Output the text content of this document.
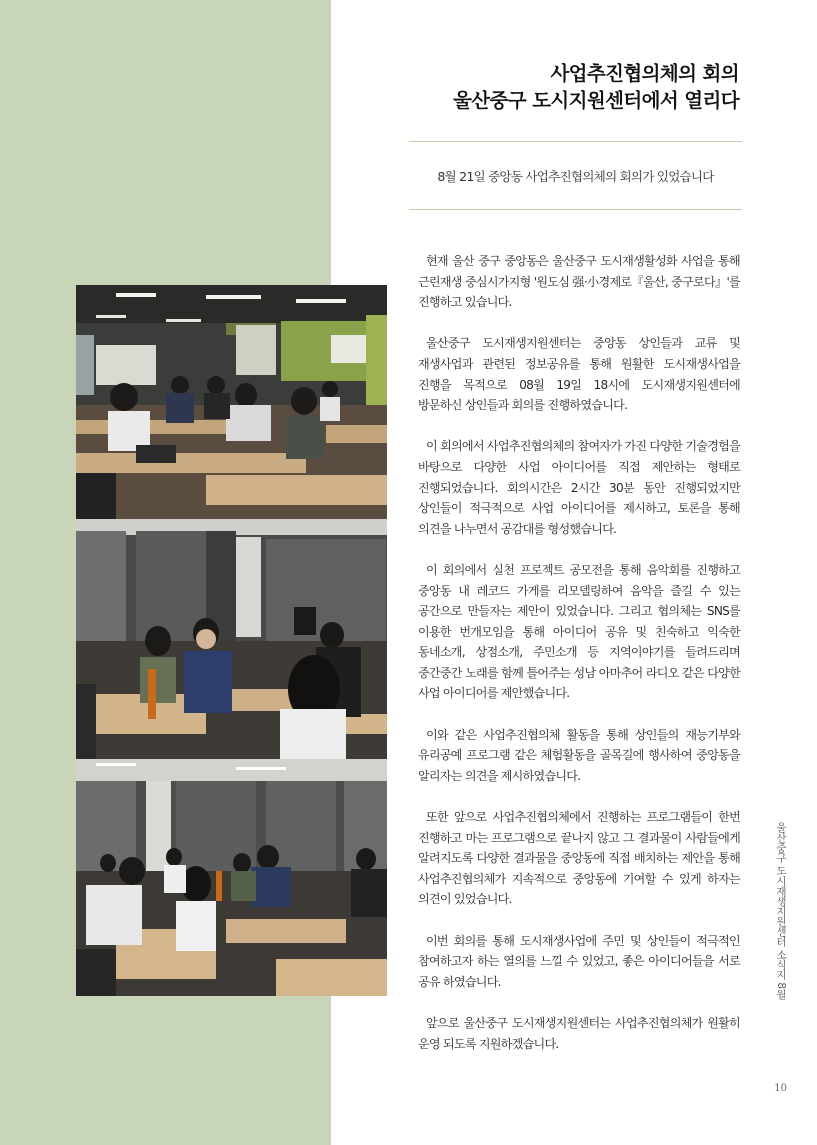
사업추진협의체의 회의
울산중구 도시지원센터에서 열리다
8월 21일 중앙동 사업추진협의체의 회의가 있었습니다

현재 울산 중구 중앙동은 울산중구 도시재생활성화 사업을 통해 근린재생 중심시가지형 '원도심 强·小경제로『울산, 중구로다』'를 진행하고 있습니다.

울산중구 도시재생지원센터는 중앙동 상인들과 교류 및 재생사업과 관련된 정보공유를 통해 원활한 도시재생사업을 진행을 목적으로 08월 19일 18시에 도시재생지원센터에 방문하신 상인들과 회의를 진행하였습니다.

이 회의에서 사업추진협의체의 참여자가 가진 다양한 기술경험을 바탕으로 다양한 사업 아이디어를 직접 제안하는 형태로 진행되었습니다. 회의시간은 2시간 30분 동안 진행되었지만 상인들이 적극적으로 사업 아이디어를 제시하고, 토론을 통해 의견을 나누면서 공감대를 형성했습니다.

이 회의에서 실천 프로젝트 공모전을 통해 음악회를 진행하고 중앙동 내 레코드 가게를 리모델링하여 음악을 즐길 수 있는 공간으로 만들자는 제안이 있었습니다. 그리고 협의체는 SNS를 이용한 번개모임을 통해 아이디어 공유 및 친숙하고 익숙한 동네소개, 상점소개, 주민소개 등 지역이야기를 들려드리며 중간중간 노래를 함께 틀어주는 성남 아마추어 라디오 같은 다양한 사업 아이디어를 제안했습니다.

이와 같은 사업추진협의체 활동을 통해 상인들의 재능기부와 유리공예 프로그램 같은 체험활동을 골목길에 행사하여 중앙동을 알리자는 의견을 제시하였습니다.

또한 앞으로 사업추진협의체에서 진행하는 프로그램들이 한번 진행하고 마는 프로그램으로 끝나지 않고 그 결과물이 사람들에게 알려지도록 다양한 결과물을 중앙동에 직접 배치하는 제안을 통해 사업추진협의체가 지속적으로 중앙동에 기여할 수 있게 하자는 의견이 있었습니다.

이번 회의를 통해 도시재생사업에 주민 및 상인들이 적극적인 참여하고자 하는 열의를 느낄 수 있었고, 좋은 아이디어들을 서로 공유 하였습니다.

앞으로 울산중구 도시재생지원센터는 사업추진협의체가 원활히 운영 되도록 지원하겠습니다.

울산중구 도시재생지원센터 소식지 8월
10
